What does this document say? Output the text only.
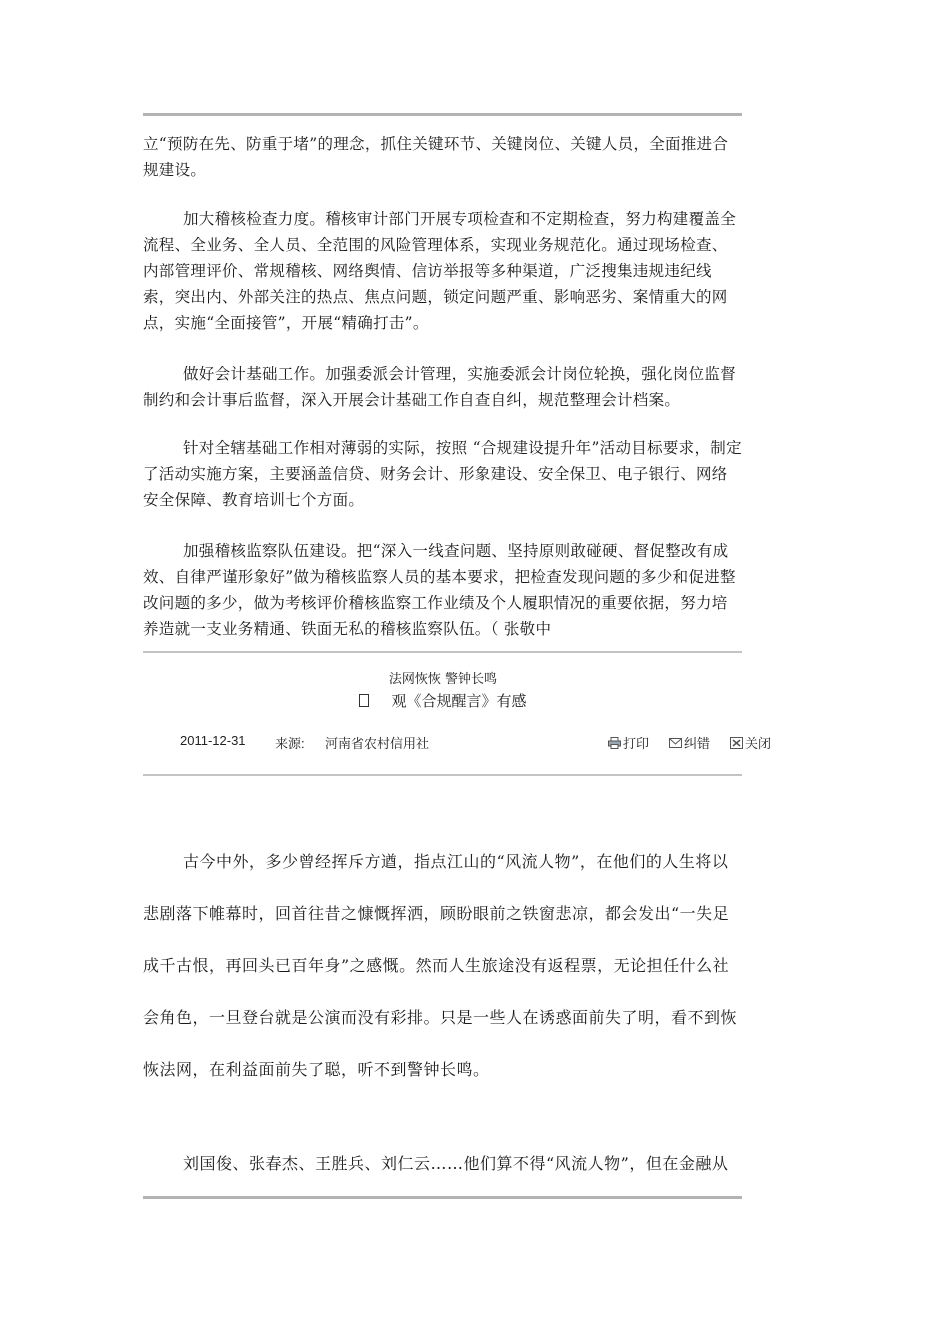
立“预防在先、防重于堵”的理念，抓住关键环节、关键岗位、关键人员，全面推进合规建设。

加大稽核检查力度。稽核审计部门开展专项检查和不定期检查，努力构建覆盖全流程、全业务、全人员、全范围的风险管理体系，实现业务规范化。通过现场检查、内部管理评价、常规稽核、网络舆情、信访举报等多种渠道，广泛搜集违规违纪线索，突出内、外部关注的热点、焦点问题，锁定问题严重、影响恶劣、案情重大的网点，实施“全面接管”，开展“精确打击”。

做好会计基础工作。加强委派会计管理，实施委派会计岗位轮换，强化岗位监督制约和会计事后监督，深入开展会计基础工作自查自纠，规范整理会计档案。

针对全辖基础工作相对薄弱的实际，按照 “合规建设提升年”活动目标要求，制定了活动实施方案，主要涵盖信贷、财务会计、形象建设、安全保卫、电子银行、网络安全保障、教育培训七个方面。

加强稽核监察队伍建设。把“深入一线查问题、坚持原则敢碰硬、督促整改有成效、自律严谨形象好”做为稽核监察人员的基本要求，把检查发现问题的多少和促进整改问题的多少，做为考核评价稽核监察工作业绩及个人履职情况的重要依据，努力培养造就一支业务精通、铁面无私的稽核监察队伍。（ 张敬中

法网恢恢 警钟长鸣
观《合规醒言》有感
2011-12-31 来源: 河南省农村信用社	打印	纠错	关闭

古今中外，多少曾经挥斥方遒，指点江山的“风流人物”，在他们的人生将以悲剧落下帷幕时，回首往昔之慷慨挥洒，顾盼眼前之铁窗悲凉，都会发出“一失足成千古恨，再回头已百年身”之感慨。然而人生旅途没有返程票，无论担任什么社会角色，一旦登台就是公演而没有彩排。只是一些人在诱惑面前失了明，看不到恢恢法网，在利益面前失了聪，听不到警钟长鸣。

刘国俊、张春杰、王胜兵、刘仁云……他们算不得“风流人物”，但在金融从
